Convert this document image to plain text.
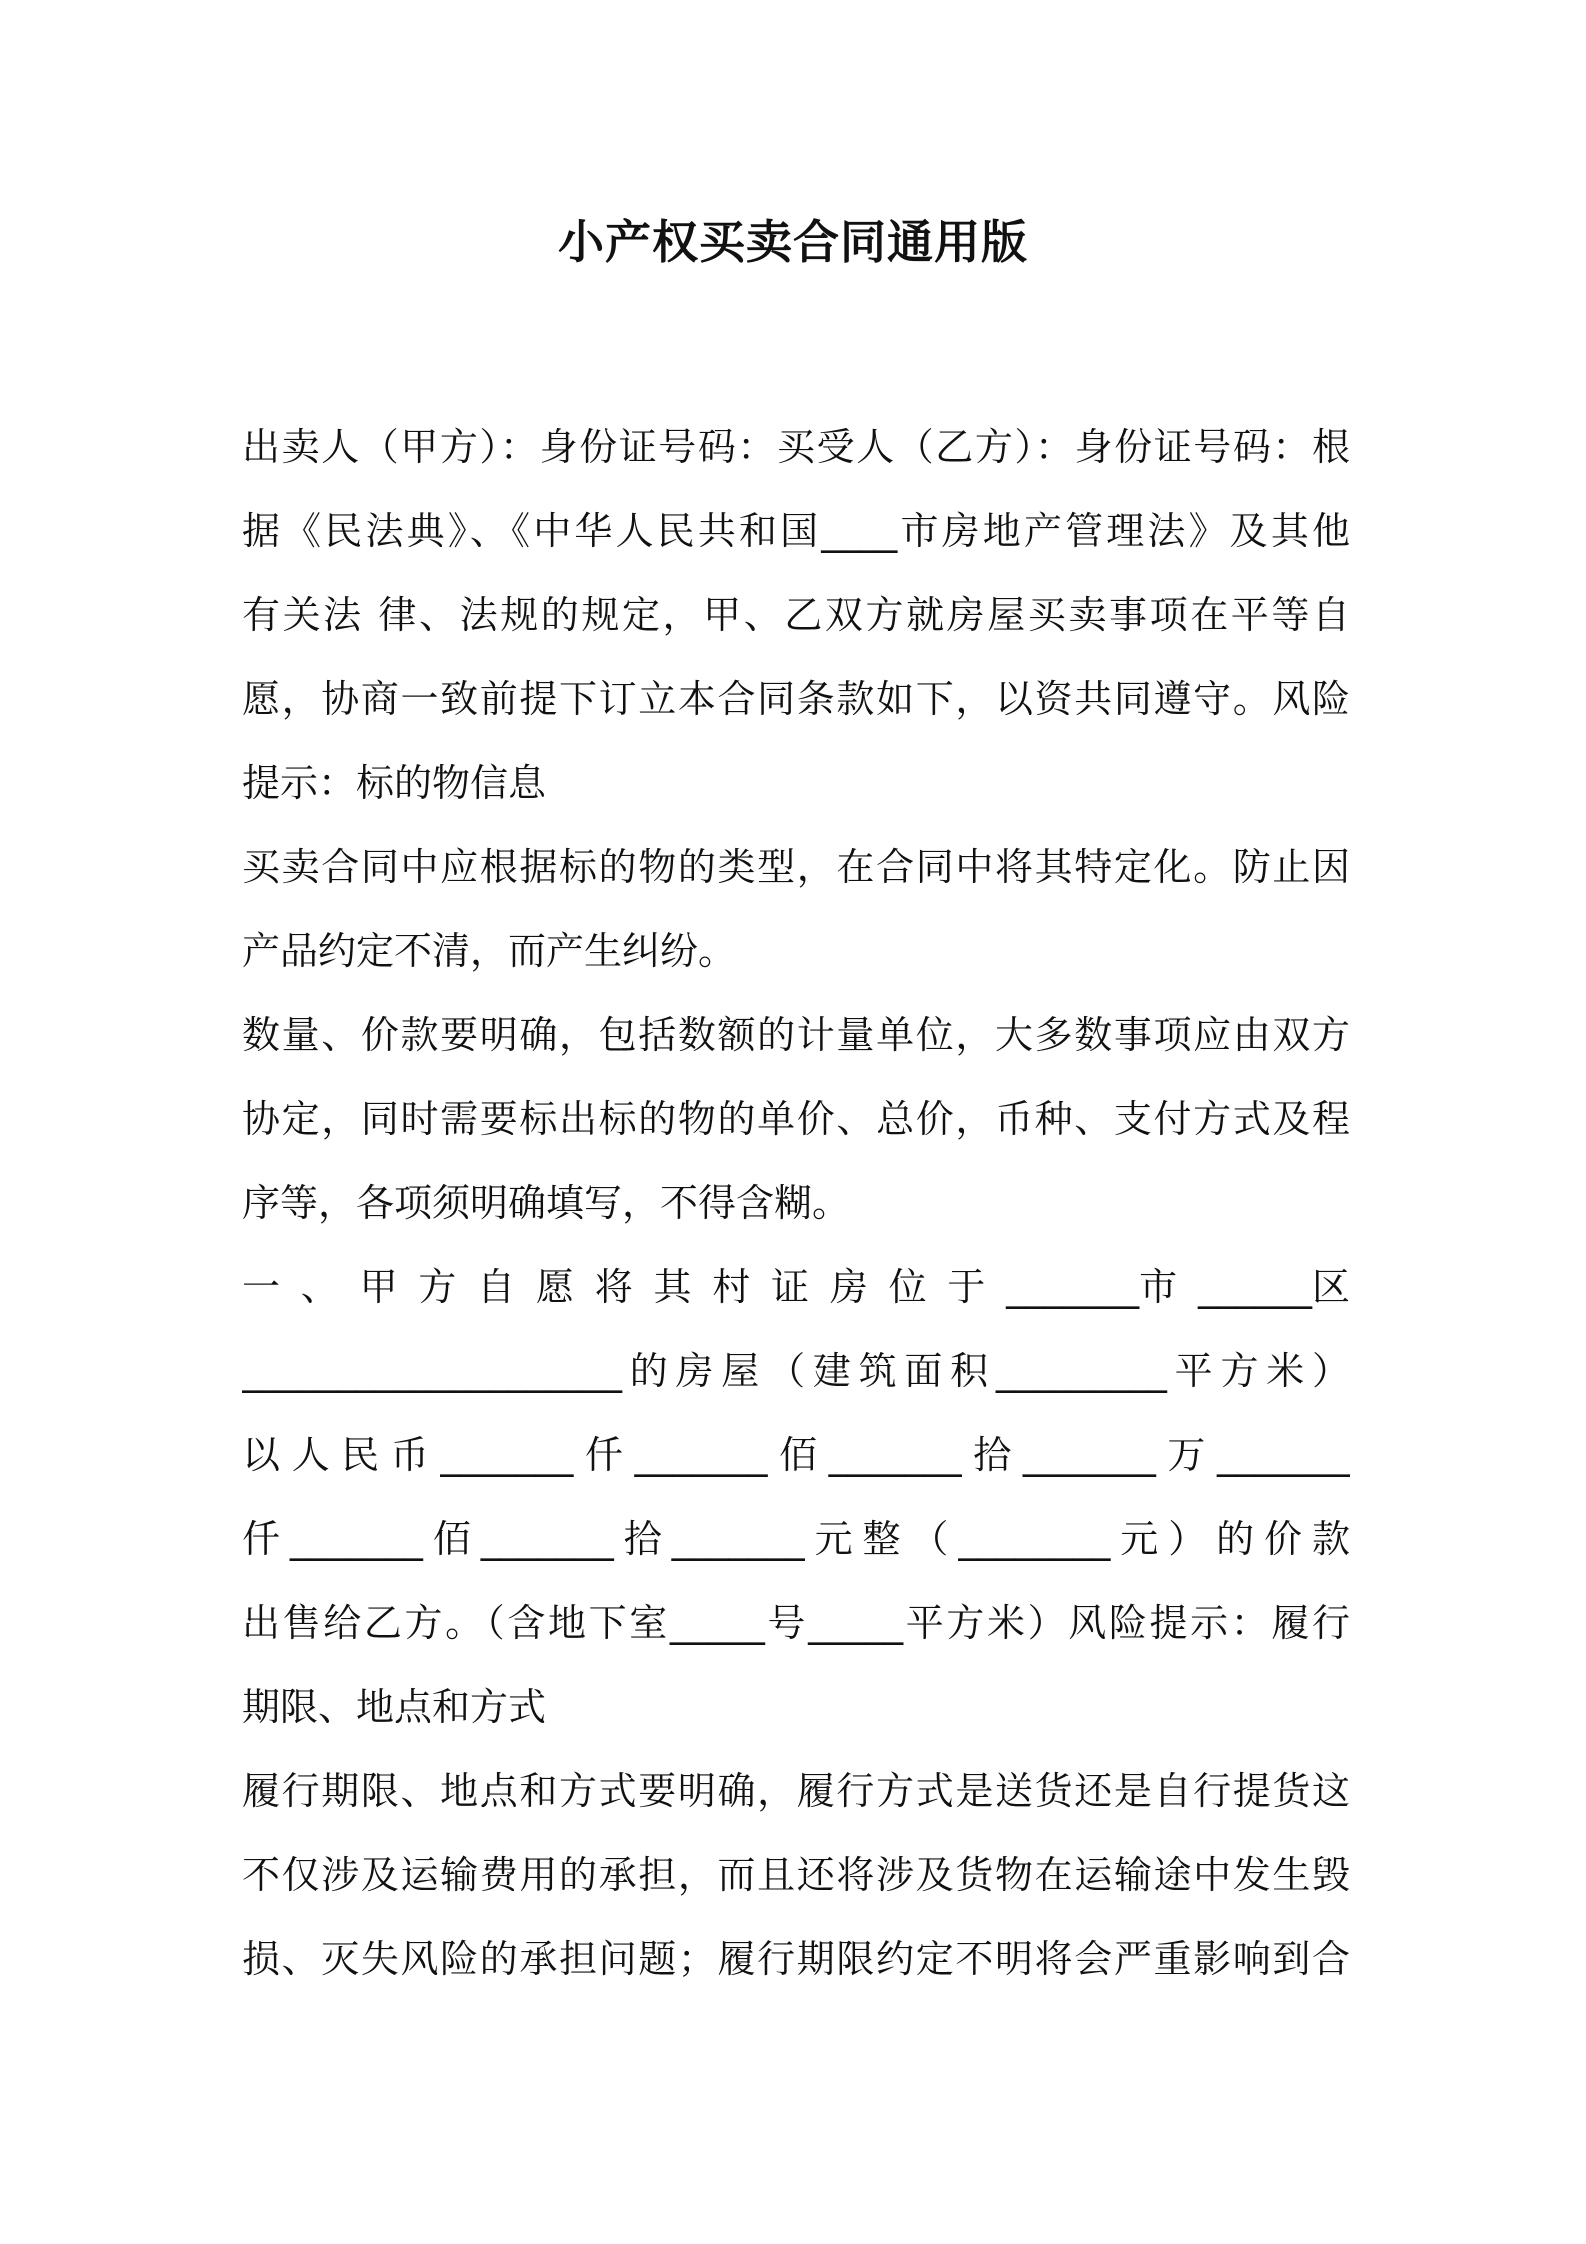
小产权买卖合同通用版
出卖人（甲方）：身份证号码：买受人（乙方）：身份证号码：根
据《民法典》、《中华人民共和国____市房地产管理法》及其他
有关法 律、法规的规定，甲、乙双方就房屋买卖事项在平等自
愿，协商一致前提下订立本合同条款如下，以资共同遵守。风险
提示：标的物信息
买卖合同中应根据标的物的类型，在合同中将其特定化。防止因
产品约定不清，而产生纠纷。
数量、价款要明确，包括数额的计量单位，大多数事项应由双方
协定，同时需要标出标的物的单价、总价，币种、支付方式及程
序等，各项须明确填写，不得含糊。
一 、 甲 方 自 愿 将 其 村 证 房 位 于 _______市 ______区
____________________的房屋（建筑面积_________平方米）
以人民币_______仟_______佰_______拾_______万_______
仟_______佰_______拾_______元整（________元）的价款
出售给乙方。（含地下室_____号_____平方米）风险提示：履行
期限、地点和方式
履行期限、地点和方式要明确，履行方式是送货还是自行提货这
不仅涉及运输费用的承担，而且还将涉及货物在运输途中发生毁
损、灭失风险的承担问题；履行期限约定不明将会严重影响到合
